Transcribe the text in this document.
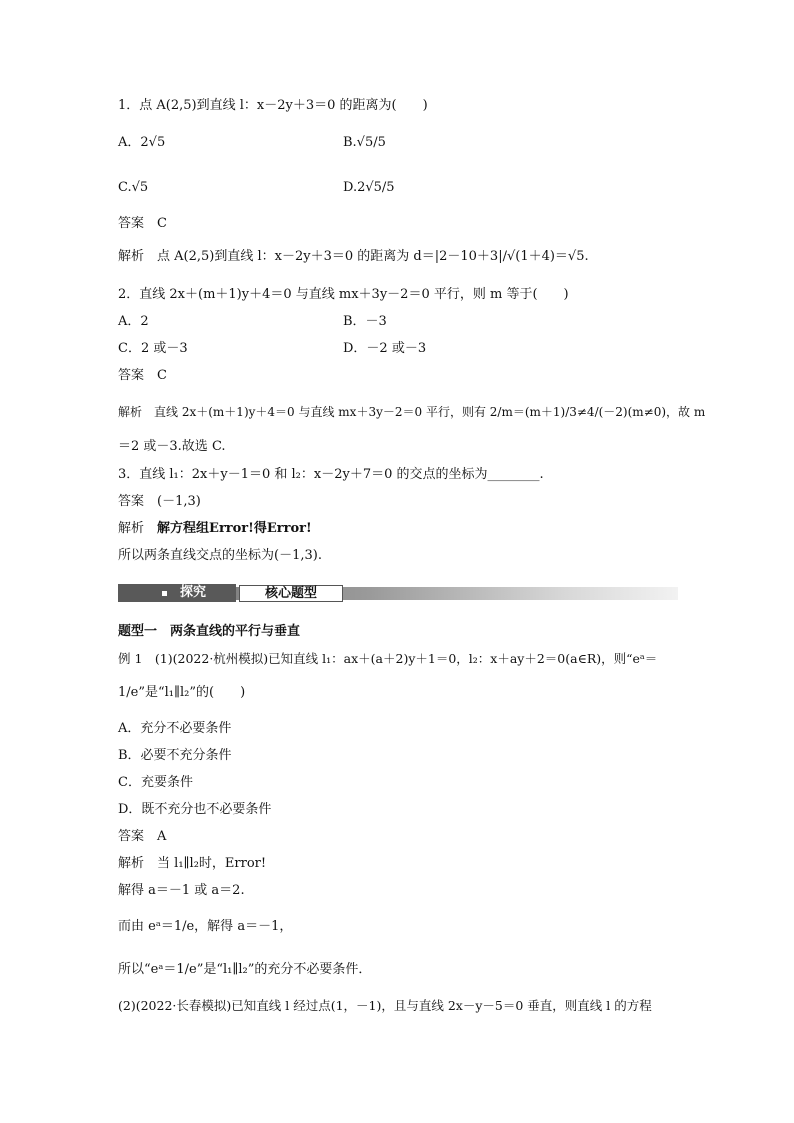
1．点 A(2,5)到直线 l：x－2y＋3＝0 的距离为(　　)
A．2√5	B.√5/5
C.√5	D.2√5/5
答案　 C
解析　 点 A(2,5)到直线 l：x－2y＋3＝0 的距离为 d＝|2－10＋3|/√(1＋4)＝√5.
2．直线 2x＋(m＋1)y＋4＝0 与直线 mx＋3y－2＝0 平行，则 m 等于(　　)
A．2	B．－3
C．2 或－3	D．－2 或－3
答案　 C
解析　 直线 2x＋(m＋1)y＋4＝0 与直线 mx＋3y－2＝0 平行，则有 2/m＝(m＋1)/3≠4/(－2)(m≠0)，故 m
＝2 或－3.故选 C.
3．直线 l₁：2x＋y－1＝0 和 l₂：x－2y＋7＝0 的交点的坐标为________.
答案　 (－1,3)
解析　 解方程组Error!得Error!
所以两条直线交点的坐标为(－1,3).
探究	核心题型
题型一　两条直线的平行与垂直
例 1　(1)(2022·杭州模拟)已知直线 l₁：ax＋(a＋2)y＋1＝0，l₂：x＋ay＋2＝0(a∈R)，则“eᵃ＝
1/e”是“l₁∥l₂”的(　　)
A．充分不必要条件
B．必要不充分条件
C．充要条件
D．既不充分也不必要条件
答案　 A
解析　 当 l₁∥l₂时，Error!
解得 a＝－1 或 a＝2.
而由 eᵃ＝1/e，解得 a＝－1，
所以“eᵃ＝1/e”是“l₁∥l₂”的充分不必要条件．
(2)(2022·长春模拟)已知直线 l 经过点(1，－1)，且与直线 2x－y－5＝0 垂直，则直线 l 的方程
